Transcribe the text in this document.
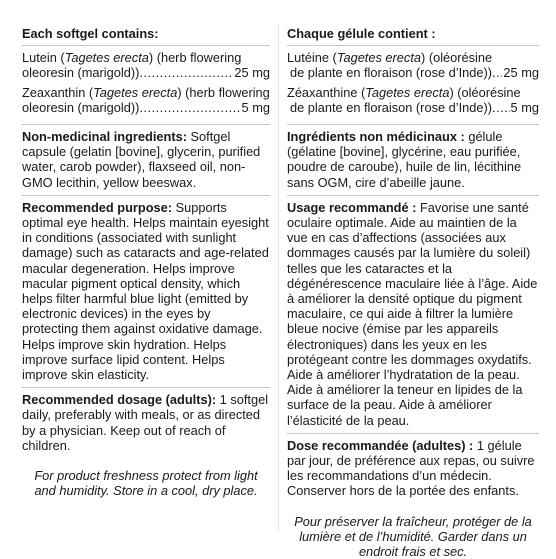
Each softgel contains:
Lutein (Tagetes erecta) (herb flowering
oleoresin (marigold)) .....	25 mg
Zeaxanthin (Tagetes erecta) (herb flowering
oleoresin (marigold)) .....	5 mg
Non-medicinal ingredients: Softgel capsule (gelatin [bovine], glycerin, purified water, carob powder), flaxseed oil, non-GMO lecithin, yellow beeswax.
Recommended purpose: Supports optimal eye health. Helps maintain eyesight in conditions (associated with sunlight damage) such as cataracts and age-related macular degeneration. Helps improve macular pigment optical density, which helps filter harmful blue light (emitted by electronic devices) in the eyes by protecting them against oxidative damage. Helps improve skin hydration. Helps improve surface lipid content. Helps improve skin elasticity.
Recommended dosage (adults): 1 softgel daily, preferably with meals, or as directed by a physician. Keep out of reach of children.
For product freshness protect from light and humidity. Store in a cool, dry place.
Chaque gélule contient :
Lutéine (Tagetes erecta) (oléorésine
de plante en floraison (rose d’Inde)) ..... 25 mg
Zéaxanthine (Tagetes erecta) (oléorésine
de plante en floraison (rose d’Inde)) ..... 5 mg
Ingrédients non médicinaux : gélule (gélatine [bovine], glycérine, eau purifiée, poudre de caroube), huile de lin, lécithine sans OGM, cire d’abeille jaune.
Usage recommandé : Favorise une santé oculaire optimale. Aide au maintien de la vue en cas d’affections (associées aux dommages causés par la lumière du soleil) telles que les cataractes et la dégénérescence maculaire liée à l’âge. Aide à améliorer la densité optique du pigment maculaire, ce qui aide à filtrer la lumière bleue nocive (émise par les appareils électroniques) dans les yeux en les protégeant contre les dommages oxydatifs. Aide à améliorer l’hydratation de la peau. Aide à améliorer la teneur en lipides de la surface de la peau. Aide à améliorer l’élasticité de la peau.
Dose recommandée (adultes) : 1 gélule par jour, de préférence aux repas, ou suivre les recommandations d’un médecin. Conserver hors de la portée des enfants.
Pour préserver la fraîcheur, protéger de la lumière et de l’humidité. Garder dans un endroit frais et sec.
